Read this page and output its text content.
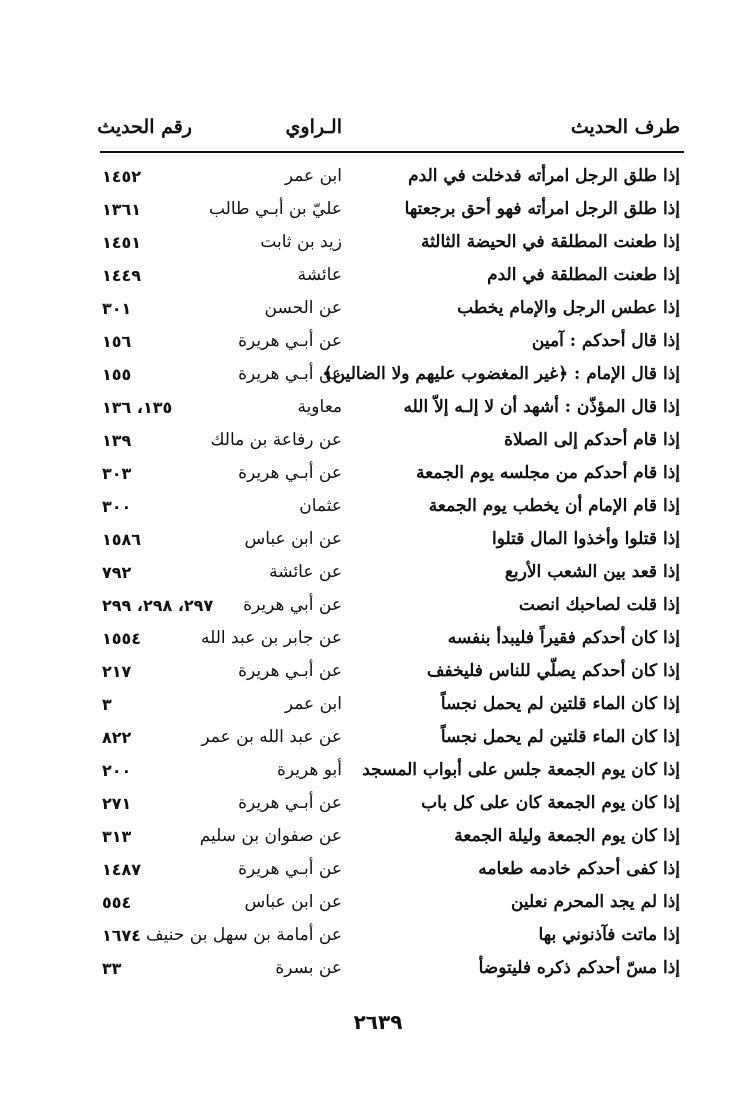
طرف الحديث
الـراوي
رقم الحديث
إذا طلق الرجل امرأته فدخلت في الدم
ابن عمر
١٤٥٢
إذا طلق الرجل امرأته فهو أحق برجعتها
عليّ بن أبـي طالب
١٣٦١
إذا طعنت المطلقة في الحيضة الثالثة
زيد بن ثابت
١٤٥١
إذا طعنت المطلقة في الدم
عائشة
١٤٤٩
إذا عطس الرجل والإمام يخطب
عن الحسن
٣٠١
إذا قال أحدكم : آمين
عن أبـي هريرة
١٥٦
إذا قال الإمام : ﴿غير المغضوب عليهم ولا الضالين﴾
عن أبـي هريرة
١٥٥
إذا قال المؤذّن : أشهد أن لا إلـه إلاّ الله
معاوية
١٣٥، ١٣٦
إذا قام أحدكم إلى الصلاة
عن رفاعة بن مالك
١٣٩
إذا قام أحدكم من مجلسه يوم الجمعة
عن أبـي هريرة
٣٠٣
إذا قام الإمام أن يخطب يوم الجمعة
عثمان
٣٠٠
إذا قتلوا وأخذوا المال قتلوا
عن ابن عباس
١٥٨٦
إذا قعد بين الشعب الأربع
عن عائشة
٧٩٢
إذا قلت لصاحبك انصت
عن أبي هريرة
٢٩٧، ٢٩٨، ٢٩٩
إذا كان أحدكم فقيراً فليبدأ بنفسه
عن جابر بن عبد الله
١٥٥٤
إذا كان أحدكم يصلّي للناس فليخفف
عن أبـي هريرة
٢١٧
إذا كان الماء قلتين لم يحمل نجساً
ابن عمر
٣
إذا كان الماء قلتين لم يحمل نجساً
عن عبد الله بن عمر
٨٢٢
إذا كان يوم الجمعة جلس على أبواب المسجد
أبو هريرة
٢٠٠
إذا كان يوم الجمعة كان على كل باب
عن أبـي هريرة
٢٧١
إذا كان يوم الجمعة وليلة الجمعة
عن صفوان بن سليم
٣١٣
إذا كفى أحدكم خادمه طعامه
عن أبـي هريرة
١٤٨٧
إذا لم يجد المحرم نعلين
عن ابن عباس
٥٥٤
إذا ماتت فآذنوني بها
عن أمامة بن سهل بن حنيف
١٦٧٤
إذا مسّ أحدكم ذكره فليتوضأ
عن بسرة
٣٣
٢٦٣٩
